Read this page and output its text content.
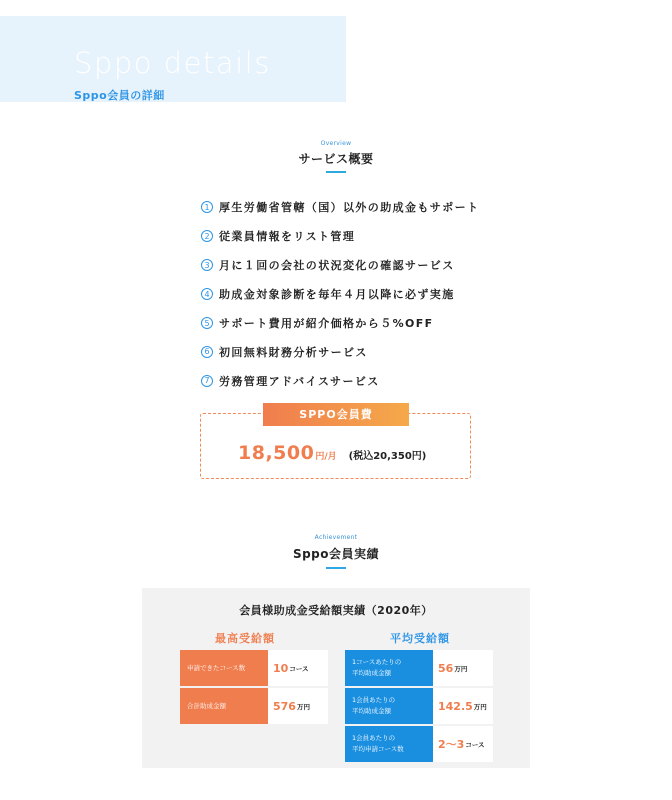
Sppo details
Sppo会員の詳細
Overview
サービス概要
1 厚生労働省管轄（国）以外の助成金もサポート
2 従業員情報をリスト管理
3 月に１回の会社の状況変化の確認サービス
4 助成金対象診断を毎年４月以降に必ず実施
5 サポート費用が紹介価格から５%OFF
6 初回無料財務分析サービス
7 労務管理アドバイスサービス
SPPO会員費
18,500 円/月 (税込20,350円)
Achievement
Sppo会員実績
会員様助成金受給額実績（2020年）
最高受給額	平均受給額
申請できたコース数	10 コース
合計助成金額	576 万円
1コースあたりの
平均助成金額	56 万円
1会員あたりの
平均助成金額	142.5 万円
1会員あたりの
平均申請コース数	2〜3 コース
